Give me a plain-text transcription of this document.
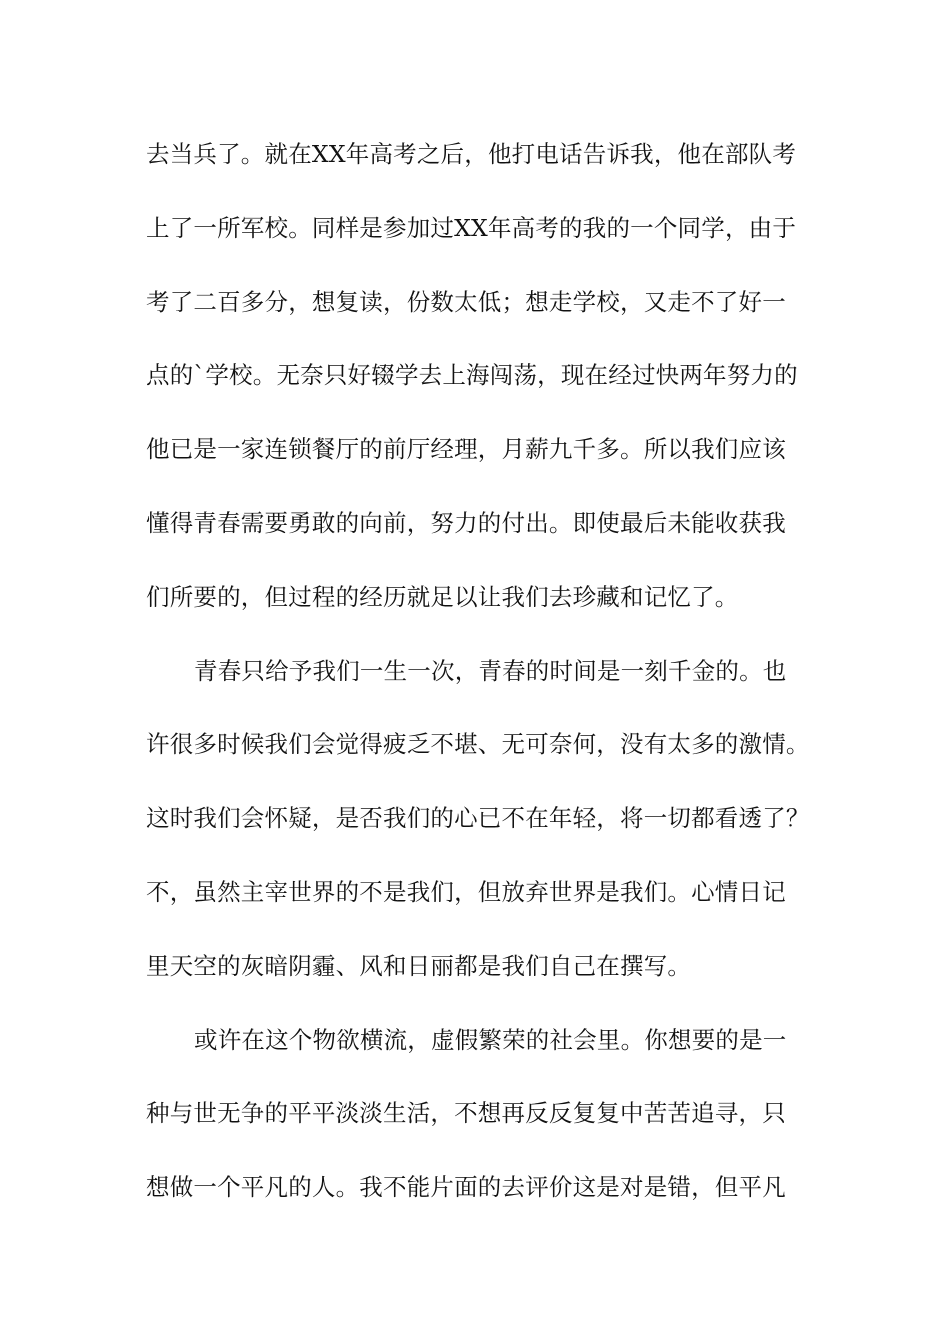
去当兵了。就在XX年高考之后，他打电话告诉我，他在部队考
上了一所军校。同样是参加过XX年高考的我的一个同学，由于
考了二百多分，想复读，份数太低；想走学校，又走不了好一
点的`学校。无奈只好辍学去上海闯荡，现在经过快两年努力的
他已是一家连锁餐厅的前厅经理，月薪九千多。所以我们应该
懂得青春需要勇敢的向前，努力的付出。即使最后未能收获我
们所要的，但过程的经历就足以让我们去珍藏和记忆了。
青春只给予我们一生一次，青春的时间是一刻千金的。也
许很多时候我们会觉得疲乏不堪、无可奈何，没有太多的激情。
这时我们会怀疑，是否我们的心已不在年轻，将一切都看透了？
不，虽然主宰世界的不是我们，但放弃世界是我们。心情日记
里天空的灰暗阴霾、风和日丽都是我们自己在撰写。
或许在这个物欲横流，虚假繁荣的社会里。你想要的是一
种与世无争的平平淡淡生活，不想再反反复复中苦苦追寻，只
想做一个平凡的人。我不能片面的去评价这是对是错，但平凡
